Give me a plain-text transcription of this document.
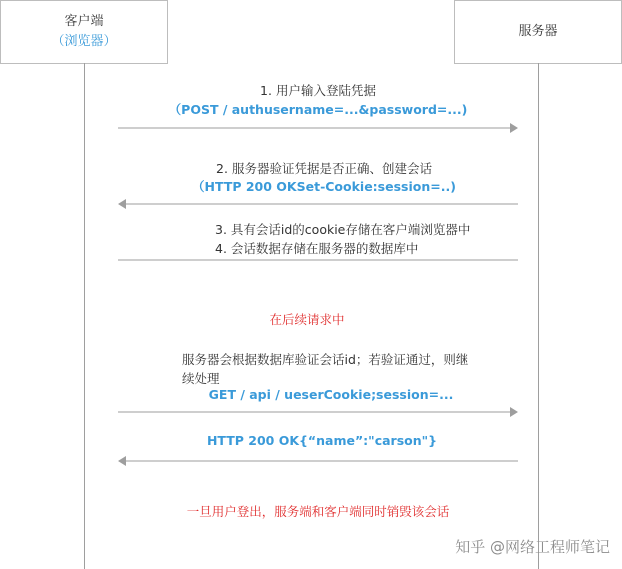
客户端
（浏览器）
服务器
1. 用户输入登陆凭据
（POST / authusername=...&password=...)
2. 服务器验证凭据是否正确、创建会话
（HTTP 200 OKSet-Cookie:session=..)
3. 具有会话id的cookie存储在客户端浏览器中
4. 会话数据存储在服务器的数据库中
在后续请求中
服务器会根据数据库验证会话id；若验证通过，则继
续处理
GET / api / ueserCookie;session=...
HTTP 200 OK{“name”:"carson"}
一旦用户登出，服务端和客户端同时销毁该会话
知乎 @网络工程师笔记
